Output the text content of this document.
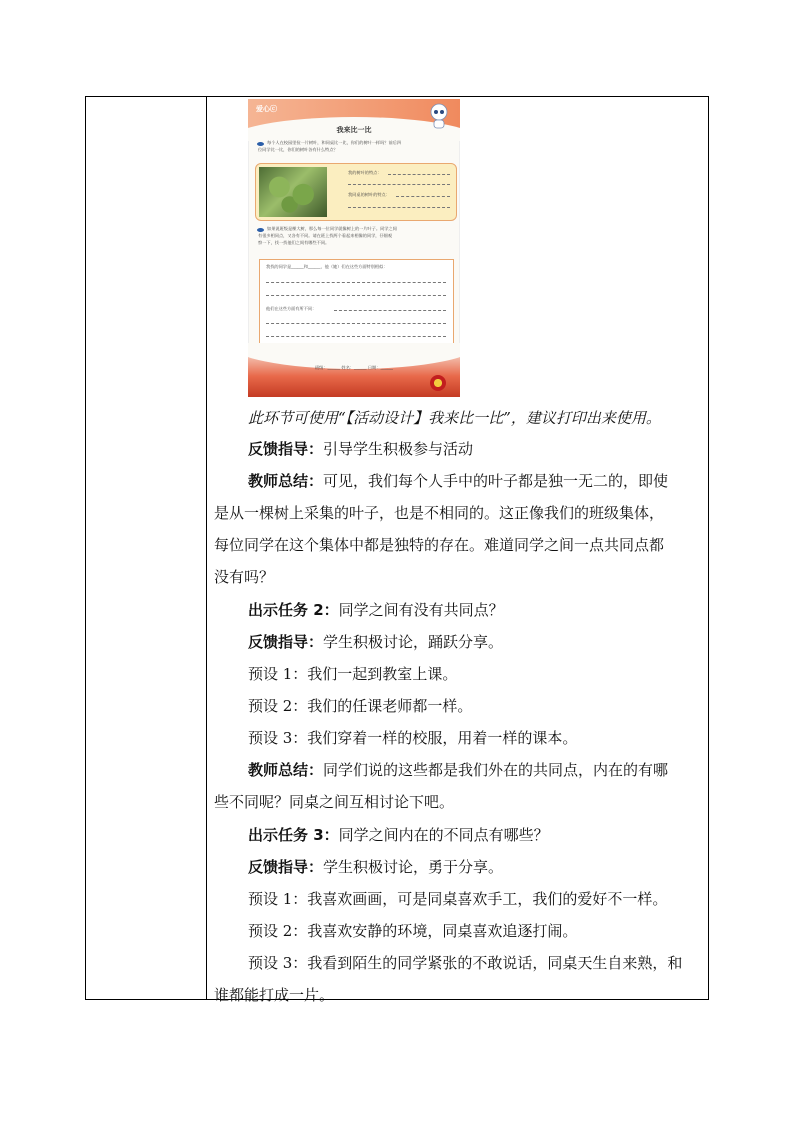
爱心ⓒ
我来比一比
每个人在校园里捡一片树叶，和同桌比一比，你们的树叶一样吗？前后四
位同学比一比，你们的树叶各有什么特点？
我的树叶的特点：
我同桌的树叶的特点：
如果说班级是棵大树，那么每一位同学就像树上的一片叶子。同学之间
有很多相同点，又各有不同。请在班上找两个看起来相像的同学，仔细观
察一下，找一找他们之间有哪些不同。
我找的同学是______和______，他（她）们在这些方面特别相似：
他们在这些方面有所不同：
班级：______ 姓名：______ 日期：______
此环节可使用“【活动设计】我来比一比”，建议打印出来使用。
反馈指导：引导学生积极参与活动
教师总结：可见，我们每个人手中的叶子都是独一无二的，即使
是从一棵树上采集的叶子，也是不相同的。这正像我们的班级集体，
每位同学在这个集体中都是独特的存在。难道同学之间一点共同点都
没有吗？
出示任务 2：同学之间有没有共同点？
反馈指导：学生积极讨论，踊跃分享。
预设 1：我们一起到教室上课。
预设 2：我们的任课老师都一样。
预设 3：我们穿着一样的校服，用着一样的课本。
教师总结：同学们说的这些都是我们外在的共同点，内在的有哪
些不同呢？同桌之间互相讨论下吧。
出示任务 3：同学之间内在的不同点有哪些？
反馈指导：学生积极讨论，勇于分享。
预设 1：我喜欢画画，可是同桌喜欢手工，我们的爱好不一样。
预设 2：我喜欢安静的环境，同桌喜欢追逐打闹。
预设 3：我看到陌生的同学紧张的不敢说话，同桌天生自来熟，和
谁都能打成一片。
